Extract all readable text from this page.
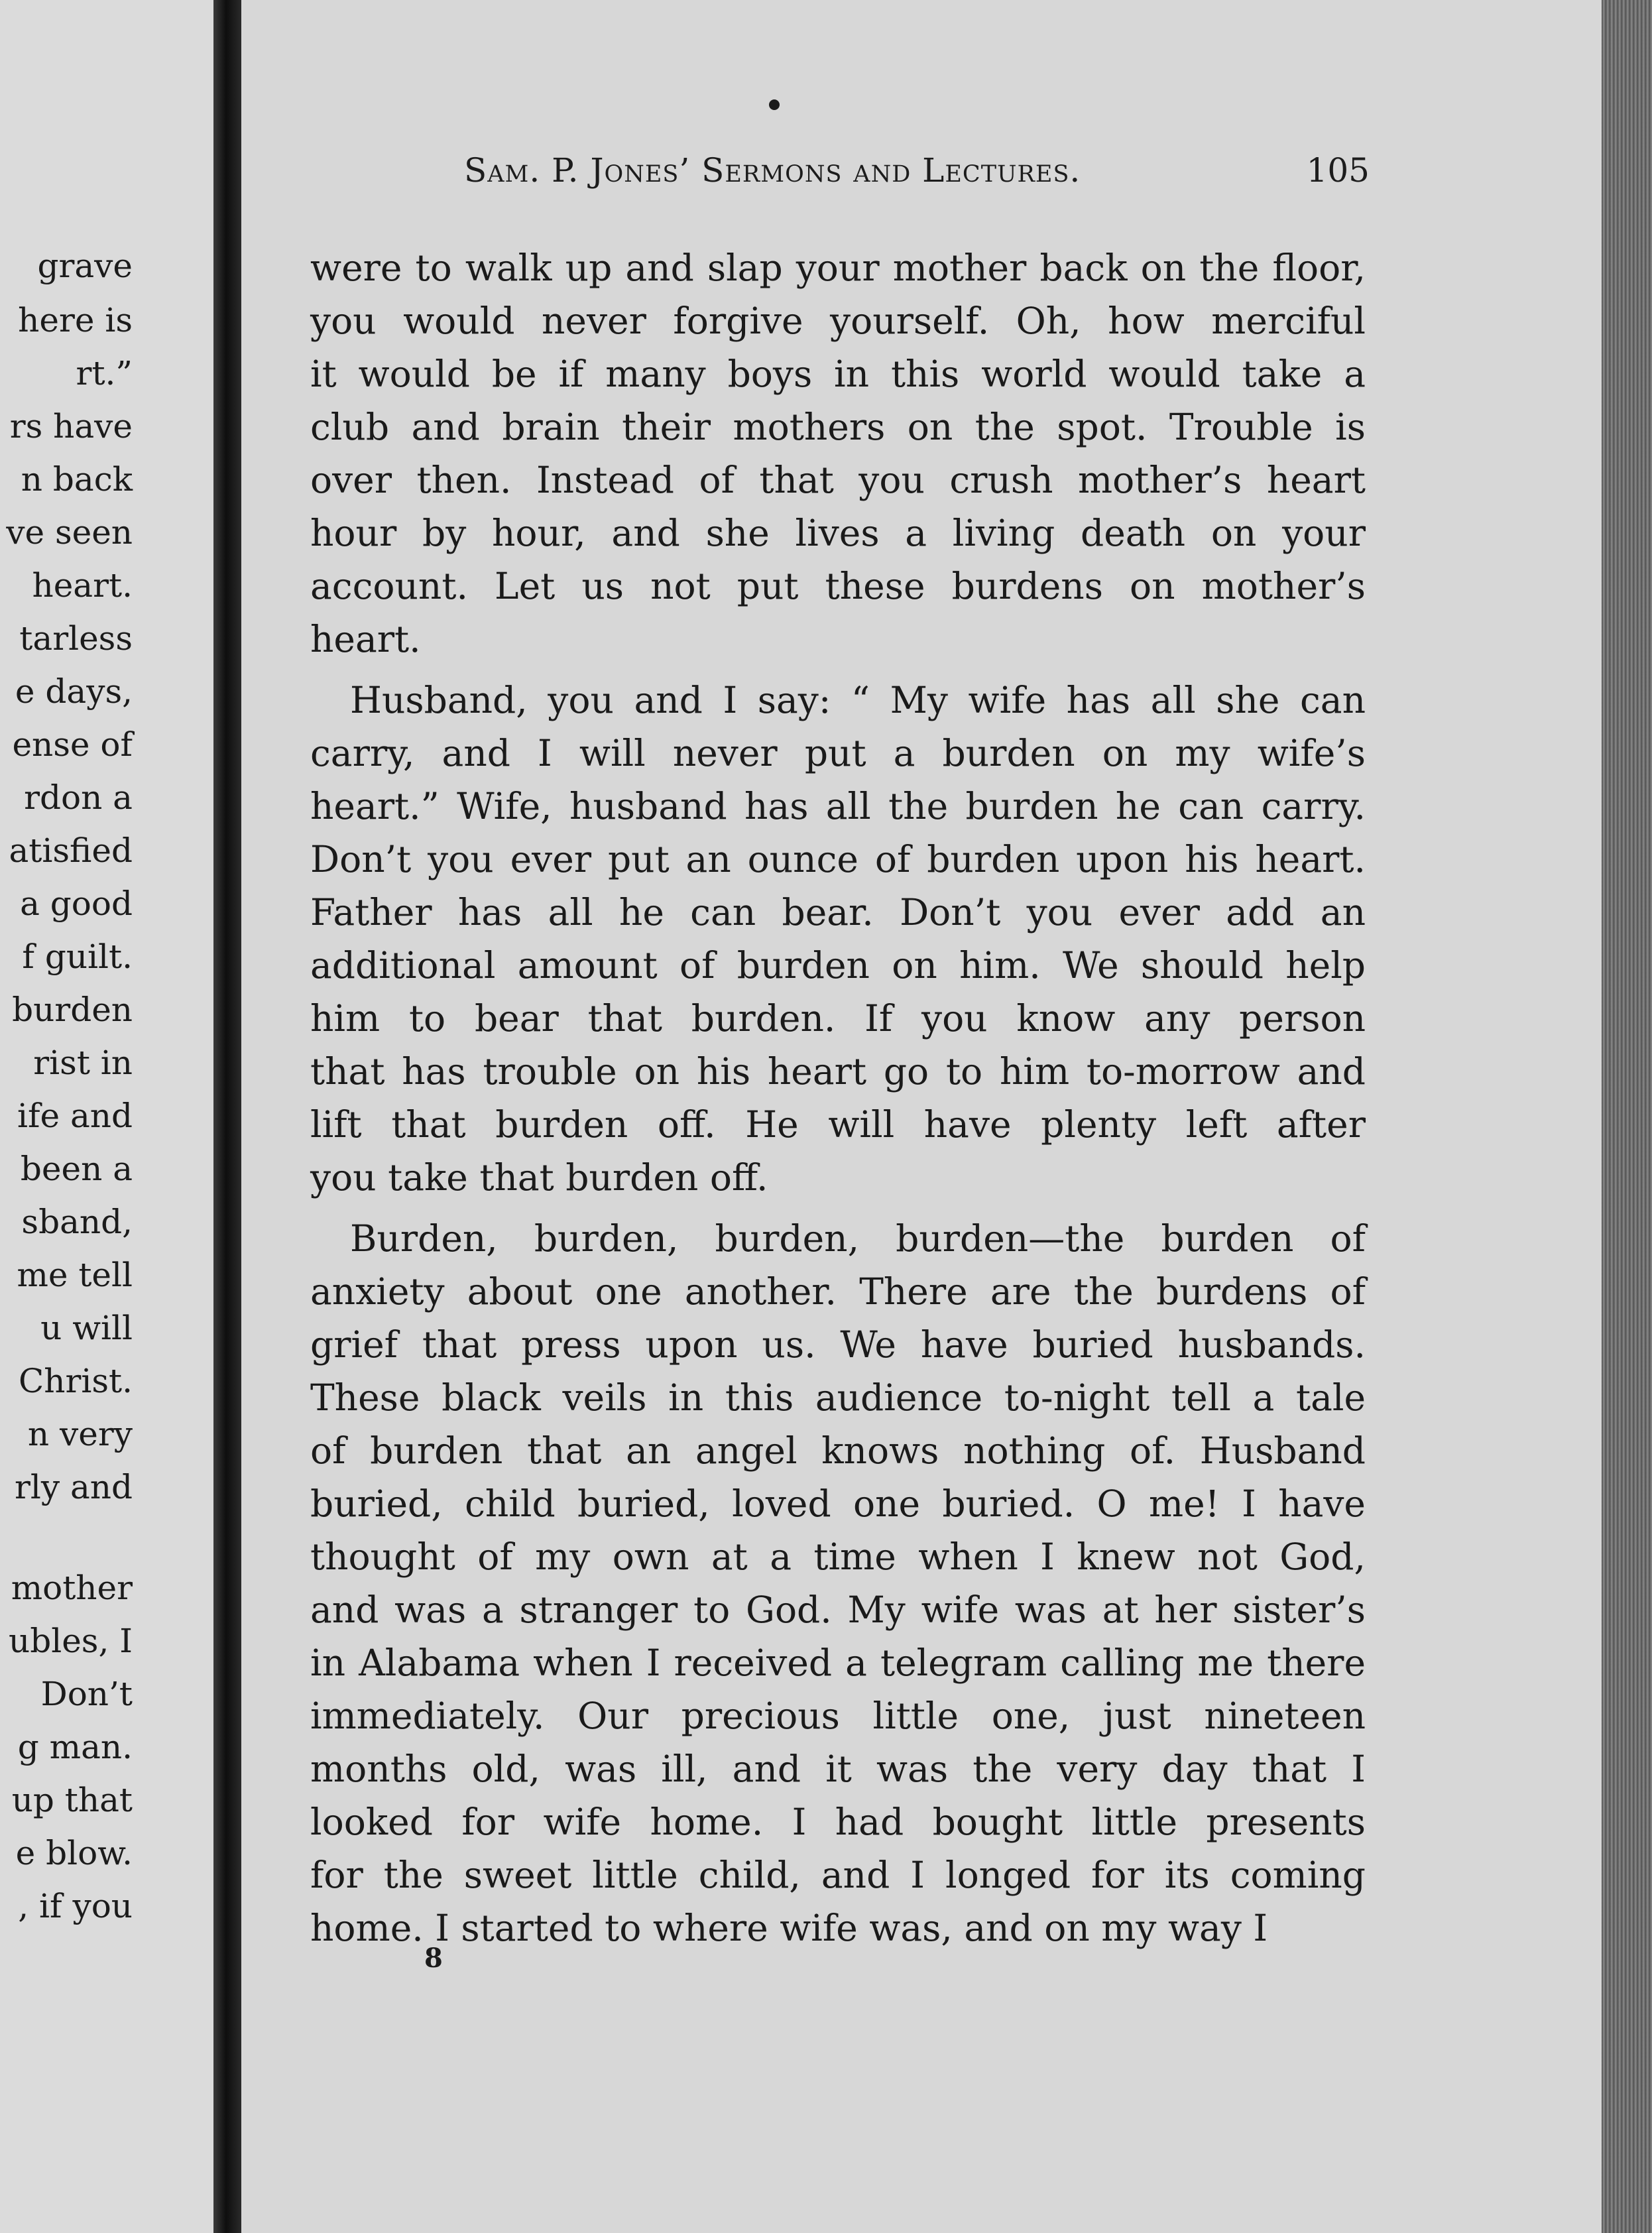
grave
here is
rt.”
rs have
n back
ve seen
heart.
tarless
e days,
ense of
rdon a
atisfied
a good
f guilt.
burden
rist in
ife and
been a
sband,
me tell
u will
Christ.
n very
rly and
mother
ubles, I
Don’t
g man.
up that
e blow.
, if you
Sam. P. Jones’ Sermons and Lectures.	105
were to walk up and slap your mother back on the floor,
you would never forgive yourself. Oh, how merciful
it would be if many boys in this world would take a
club and brain their mothers on the spot. Trouble is
over then. Instead of that you crush mother’s heart
hour by hour, and she lives a living death on your
account. Let us not put these burdens on mother’s
heart.
Husband, you and I say: “ My wife has all she can
carry, and I will never put a burden on my wife’s
heart.” Wife, husband has all the burden he can carry.
Don’t you ever put an ounce of burden upon his heart.
Father has all he can bear. Don’t you ever add an
additional amount of burden on him. We should help
him to bear that burden. If you know any person
that has trouble on his heart go to him to-morrow and
lift that burden off. He will have plenty left after
you take that burden off.
Burden, burden, burden, burden—the burden of
anxiety about one another. There are the burdens of
grief that press upon us. We have buried husbands.
These black veils in this audience to-night tell a tale
of burden that an angel knows nothing of. Husband
buried, child buried, loved one buried. O me! I have
thought of my own at a time when I knew not God,
and was a stranger to God. My wife was at her sister’s
in Alabama when I received a telegram calling me there
immediately. Our precious little one, just nineteen
months old, was ill, and it was the very day that I
looked for wife home. I had bought little presents
for the sweet little child, and I longed for its coming
home. I started to where wife was, and on my way I
8
